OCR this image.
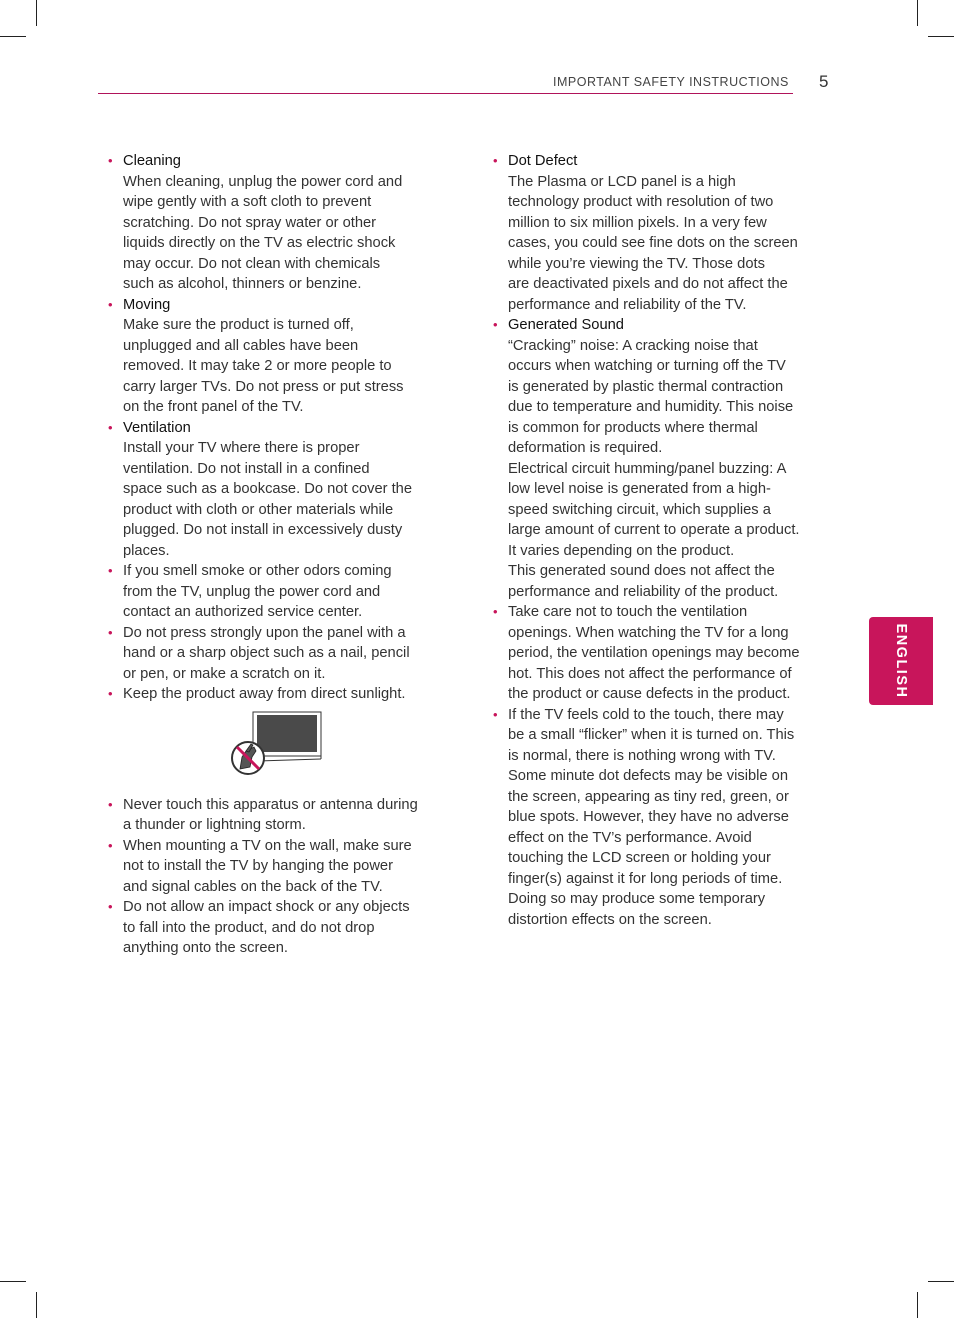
IMPORTANT SAFETY INSTRUCTIONS 5
ENGLISH
• Cleaning
When cleaning, unplug the power cord and
wipe gently with a soft cloth to prevent
scratching. Do not spray water or other
liquids directly on the TV as electric shock
may occur. Do not clean with chemicals
such as alcohol, thinners or benzine.
• Moving
Make sure the product is turned off,
unplugged and all cables have been
removed. It may take 2 or more people to
carry larger TVs. Do not press or put stress
on the front panel of the TV.
• Ventilation
Install your TV where there is proper
ventilation. Do not install in a confined
space such as a bookcase. Do not cover the
product with cloth or other materials while
plugged. Do not install in excessively dusty
places.
• If you smell smoke or other odors coming
from the TV, unplug the power cord and
contact an authorized service center.
• Do not press strongly upon the panel with a
hand or a sharp object such as a nail, pencil
or pen, or make a scratch on it.
• Keep the product away from direct sunlight.
• Never touch this apparatus or antenna during
a thunder or lightning storm.
• When mounting a TV on the wall, make sure
not to install the TV by hanging the power
and signal cables on the back of the TV.
• Do not allow an impact shock or any objects
to fall into the product, and do not drop
anything onto the screen.
• Dot Defect
The Plasma or LCD panel is a high
technology product with resolution of two
million to six million pixels. In a very few
cases, you could see fine dots on the screen
while you’re viewing the TV. Those dots
are deactivated pixels and do not affect the
performance and reliability of the TV.
• Generated Sound
“Cracking” noise: A cracking noise that
occurs when watching or turning off the TV
is generated by plastic thermal contraction
due to temperature and humidity. This noise
is common for products where thermal
deformation is required.
Electrical circuit humming/panel buzzing: A
low level noise is generated from a high-
speed switching circuit, which supplies a
large amount of current to operate a product.
It varies depending on the product.
This generated sound does not affect the
performance and reliability of the product.
• Take care not to touch the ventilation
openings. When watching the TV for a long
period, the ventilation openings may become
hot. This does not affect the performance of
the product or cause defects in the product.
• If the TV feels cold to the touch, there may
be a small “flicker” when it is turned on. This
is normal, there is nothing wrong with TV.
Some minute dot defects may be visible on
the screen, appearing as tiny red, green, or
blue spots. However, they have no adverse
effect on the TV’s performance. Avoid
touching the LCD screen or holding your
finger(s) against it for long periods of time.
Doing so may produce some temporary
distortion effects on the screen.
